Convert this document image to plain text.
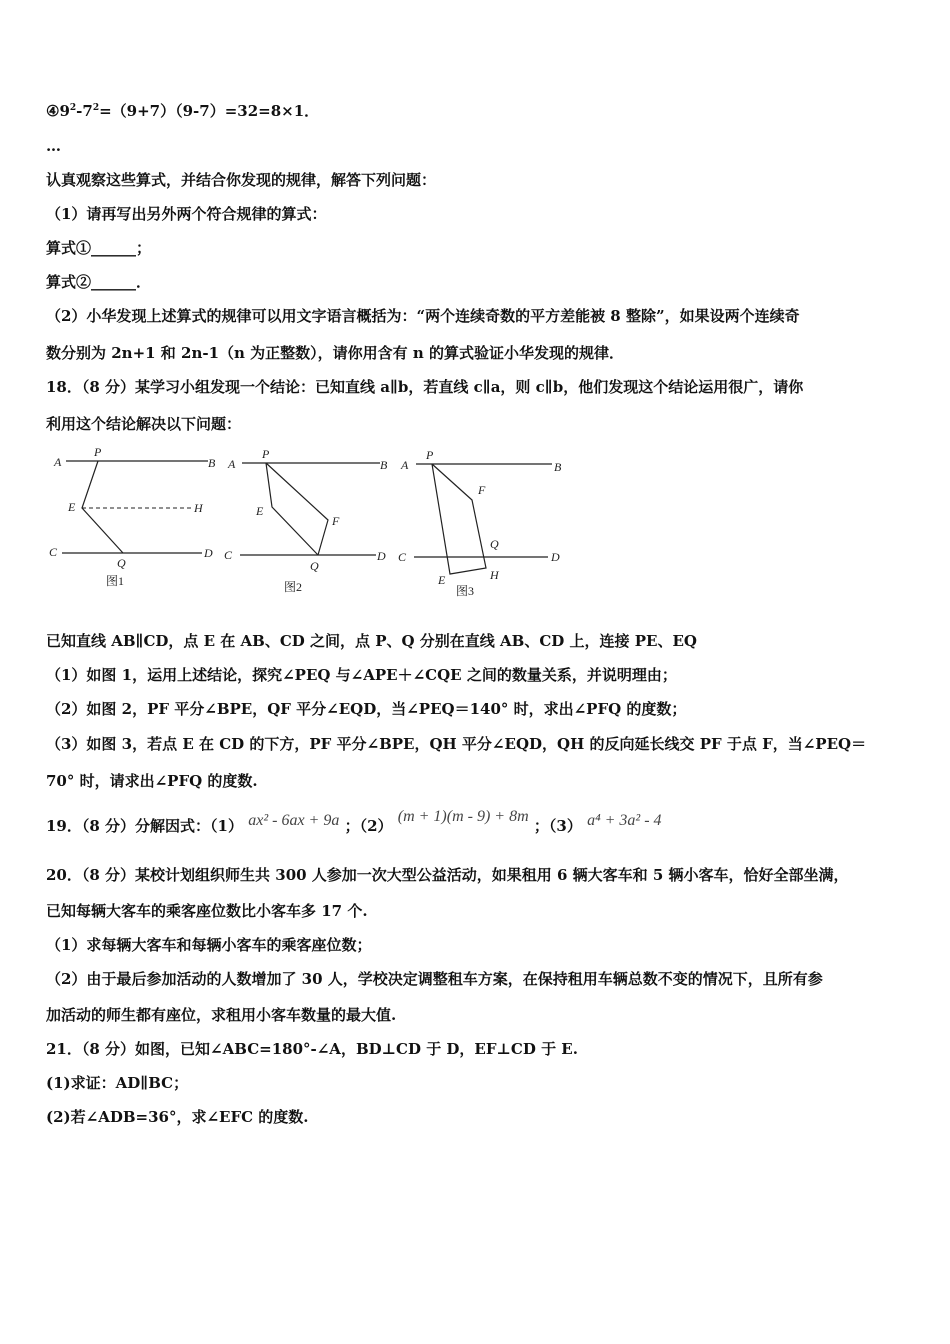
$④9^2-7^2=(9+7)(9-7)=32=8\times 1$．
…
认真观察这些算式，并结合你发现的规律，解答下列问题：
（1）请再写出另外两个符合规律的算式：
算式①______；
算式②______．
（2）小华发现上述算式的规律可以用文字语言概括为：“两个连续奇数的平方差能被 8 整除”，如果设两个连续奇
数分别为 2n+1 和 2n-1（n 为正整数），请你用含有 n 的算式验证小华发现的规律．
18．（8 分）某学习小组发现一个结论：已知直线 a∥b，若直线 c∥a，则 c∥b，他们发现这个结论运用很广，请你
利用这个结论解决以下问题：
A
P
B
E	H
C
Q
D
图1
A
P
B
E
F
C
Q
D
图2
A
P
B
F
C
Q
D
E	H
图3
已知直线 AB∥CD，点 E 在 AB、CD 之间，点 P、Q 分别在直线 AB、CD 上，连接 PE、EQ
（1）如图 1，运用上述结论，探究∠PEQ 与∠APE＋∠CQE 之间的数量关系，并说明理由；
（2）如图 2，PF 平分∠BPE，QF 平分∠EQD，当∠PEQ＝140° 时，求出∠PFQ 的度数；
（3）如图 3，若点 E 在 CD 的下方，PF 平分∠BPE，QH 平分∠EQD，QH 的反向延长线交 PF 于点 F，当∠PEQ＝
70° 时，请求出∠PFQ 的度数.
19．（8 分）分解因式：（1） ax² - 6ax + 9a ；（2） (m + 1)(m - 9) + 8m ；（3） a⁴ + 3a² - 4
20．（8 分）某校计划组织师生共 300 人参加一次大型公益活动，如果租用 6 辆大客车和 5 辆小客车，恰好全部坐满，
已知每辆大客车的乘客座位数比小客车多 17 个.
（1）求每辆大客车和每辆小客车的乘客座位数；
（2）由于最后参加活动的人数增加了 30 人，学校决定调整租车方案，在保持租用车辆总数不变的情况下，且所有参
加活动的师生都有座位，求租用小客车数量的最大值.
21．（8 分）如图，已知∠ABC=180°-∠A，BD⊥CD 于 D，EF⊥CD 于 E.
(1)求证：AD∥BC；
(2)若∠ADB=36°，求∠EFC 的度数.
